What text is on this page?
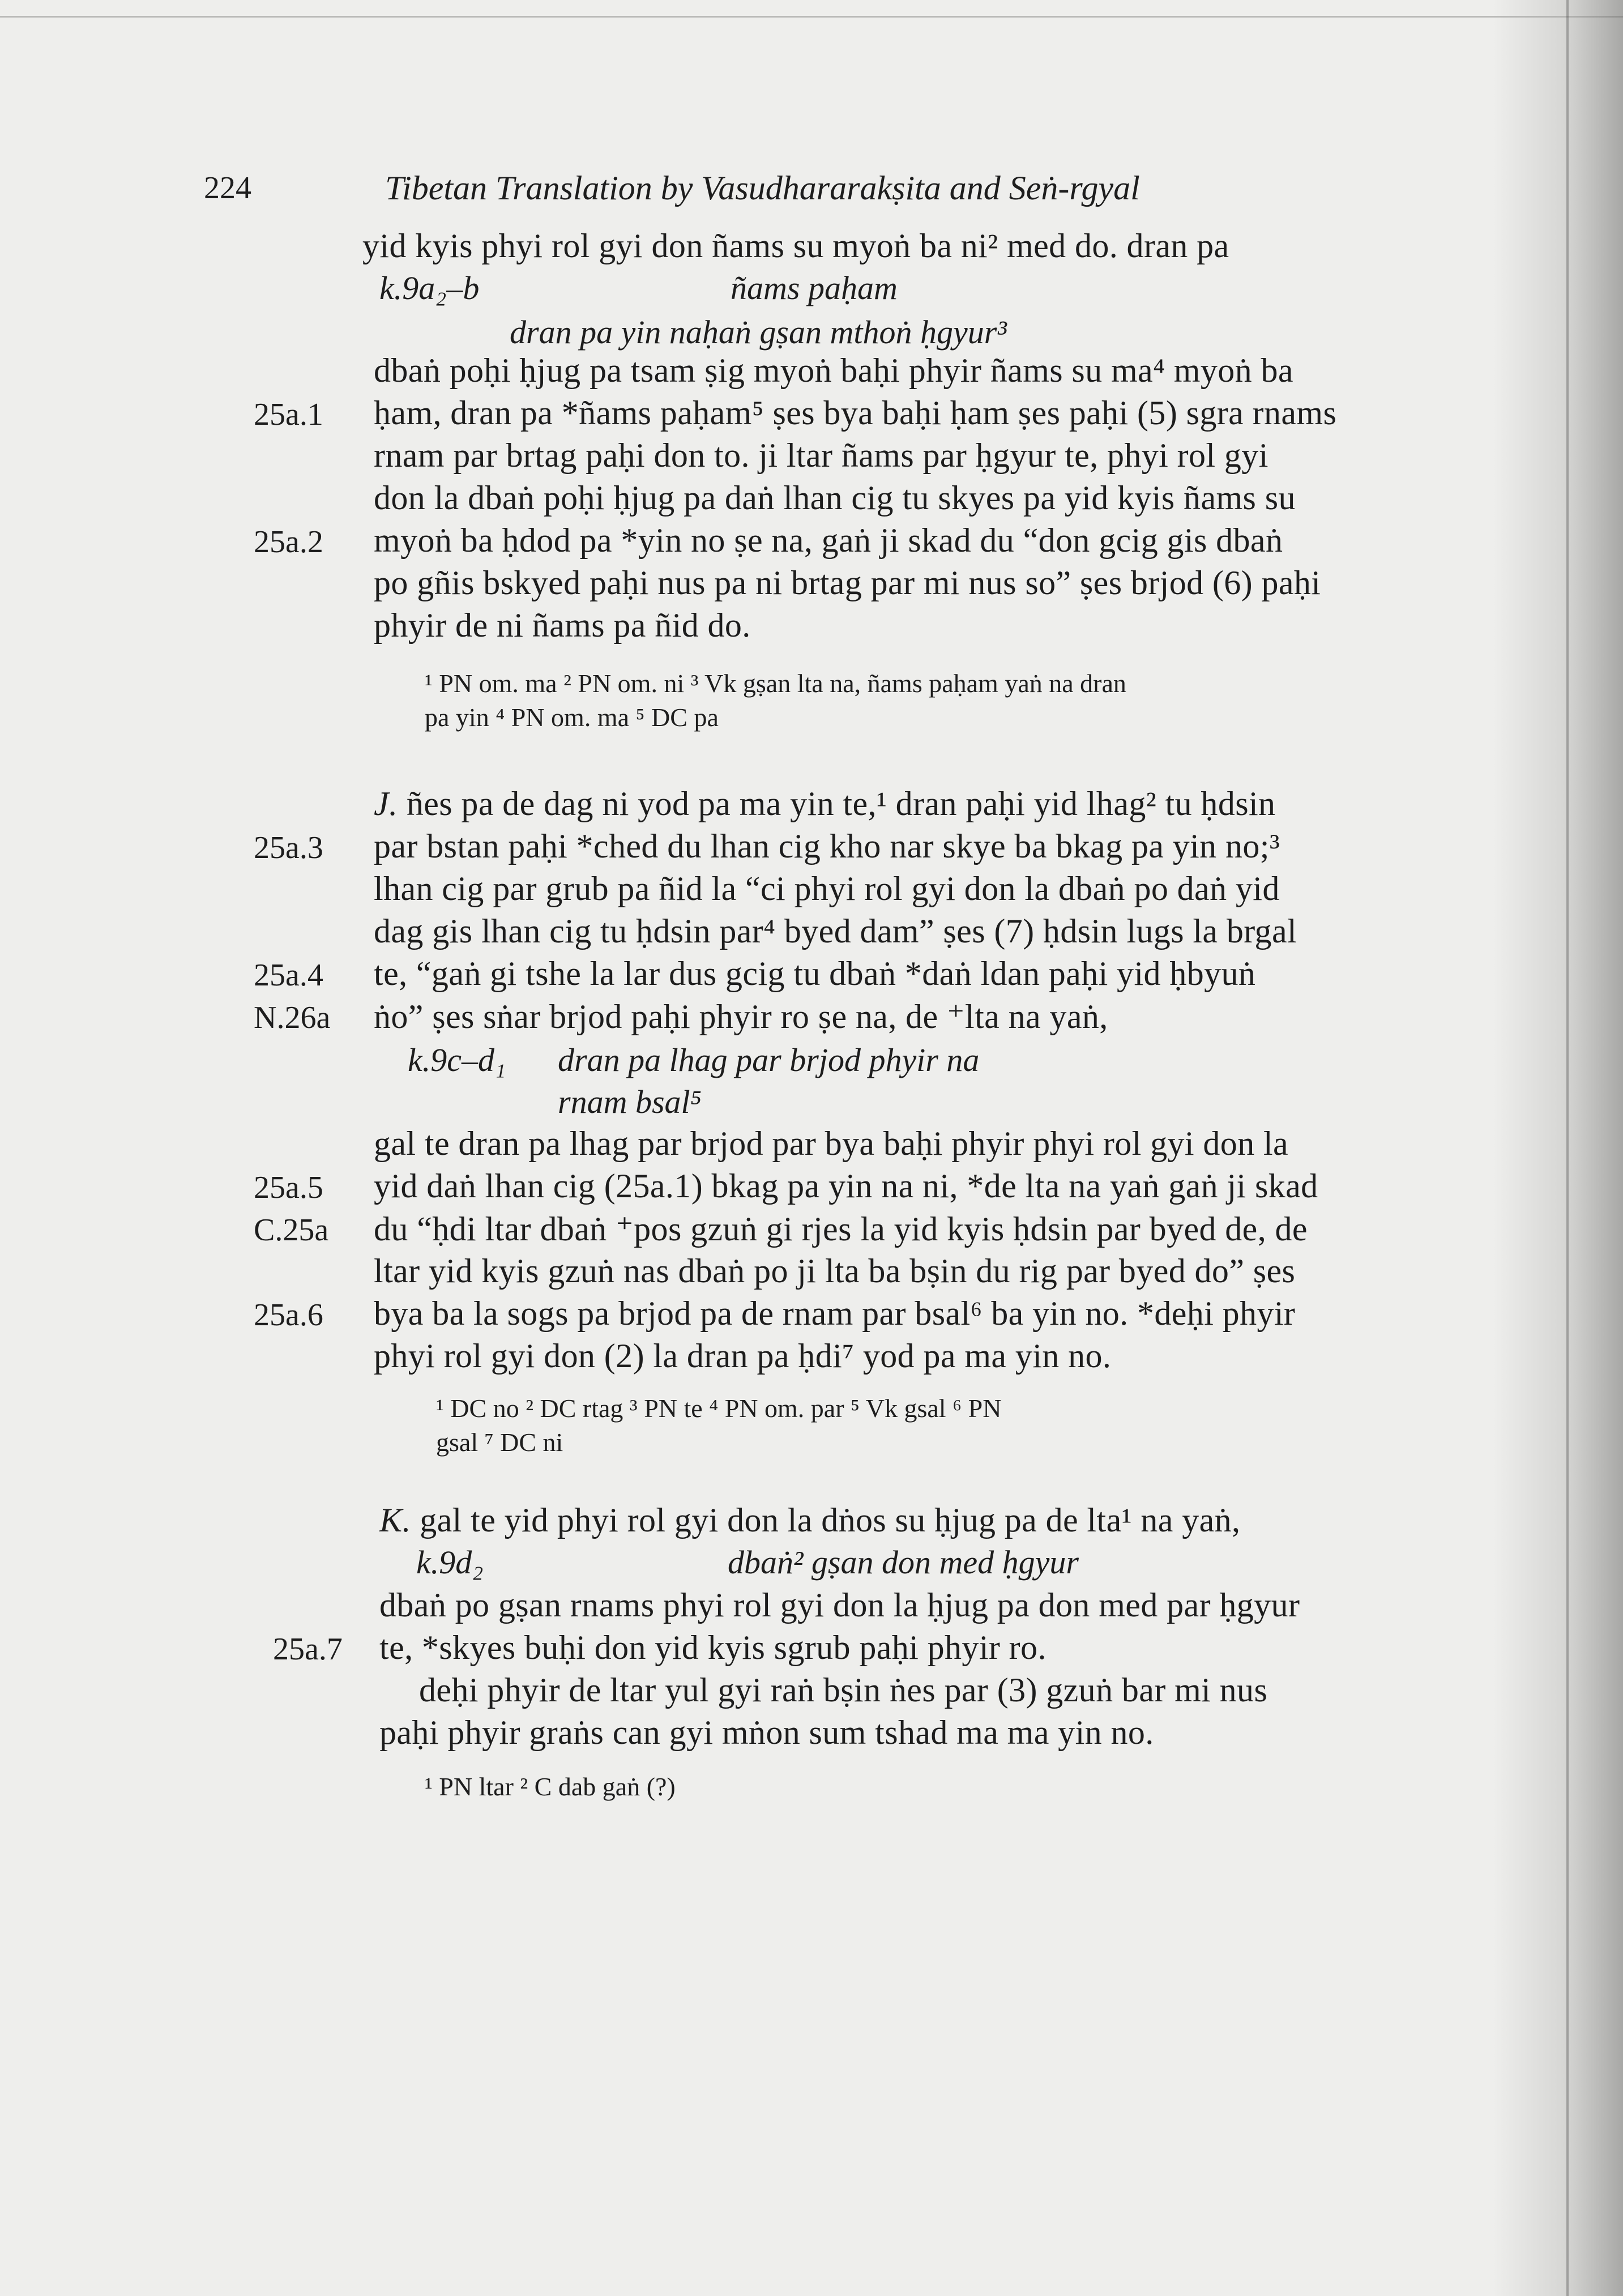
224	Tibetan Translation by Vasudhararakṣita and Seṅ-rgyal
yid kyis phyi rol gyi don ñams su myoṅ ba ni² med do. dran pa
k.9a₂–b	ñams paḥam
dran pa yin naḥaṅ gṣan mthoṅ ḥgyur³
dbaṅ poḥi ḥjug pa tsam ṣig myoṅ baḥi phyir ñams su ma⁴ myoṅ ba
25a.1 ḥam, dran pa *ñams paḥam⁵ ṣes bya baḥi ḥam ṣes paḥi (5) sgra rnams
rnam par brtag paḥi don to. ji ltar ñams par ḥgyur te, phyi rol gyi
don la dbaṅ poḥi ḥjug pa daṅ lhan cig tu skyes pa yid kyis ñams su
25a.2 myoṅ ba ḥdod pa *yin no ṣe na, gaṅ ji skad du “don gcig gis dbaṅ
po gñis bskyed paḥi nus pa ni brtag par mi nus so” ṣes brjod (6) paḥi
phyir de ni ñams pa ñid do.
¹ PN om. ma ² PN om. ni ³ Vk gṣan lta na, ñams paḥam yaṅ na dran
pa yin ⁴ PN om. ma ⁵ DC pa
J. ñes pa de dag ni yod pa ma yin te,¹ dran paḥi yid lhag² tu ḥdsin
25a.3 par bstan paḥi *ched du lhan cig kho nar skye ba bkag pa yin no;³
lhan cig par grub pa ñid la “ci phyi rol gyi don la dbaṅ po daṅ yid
dag gis lhan cig tu ḥdsin par⁴ byed dam” ṣes (7) ḥdsin lugs la brgal
25a.4 te, “gaṅ gi tshe la lar dus gcig tu dbaṅ *daṅ ldan paḥi yid ḥbyuṅ
N.26a ṅo” ṣes sṅar brjod paḥi phyir ro ṣe na, de ⁺lta na yaṅ,
k.9c–d₁ dran pa lhag par brjod phyir na
rnam bsal⁵
gal te dran pa lhag par brjod par bya baḥi phyir phyi rol gyi don la
25a.5 yid daṅ lhan cig (25a.1) bkag pa yin na ni, *de lta na yaṅ gaṅ ji skad
C.25a du “ḥdi ltar dbaṅ ⁺pos gzuṅ gi rjes la yid kyis ḥdsin par byed de, de
ltar yid kyis gzuṅ nas dbaṅ po ji lta ba bṣin du rig par byed do” ṣes
25a.6 bya ba la sogs pa brjod pa de rnam par bsal⁶ ba yin no. *deḥi phyir
phyi rol gyi don (2) la dran pa ḥdi⁷ yod pa ma yin no.
¹ DC no ² DC rtag ³ PN te ⁴ PN om. par ⁵ Vk gsal ⁶ PN
gsal ⁷ DC ni
K. gal te yid phyi rol gyi don la dṅos su ḥjug pa de lta¹ na yaṅ,
k.9d₂	dbaṅ² gṣan don med ḥgyur
dbaṅ po gṣan rnams phyi rol gyi don la ḥjug pa don med par ḥgyur
25a.7 te, *skyes buḥi don yid kyis sgrub paḥi phyir ro.
deḥi phyir de ltar yul gyi raṅ bṣin ṅes par (3) gzuṅ bar mi nus
paḥi phyir graṅs can gyi mṅon sum tshad ma ma yin no.
¹ PN ltar ² C dab gaṅ (?)
